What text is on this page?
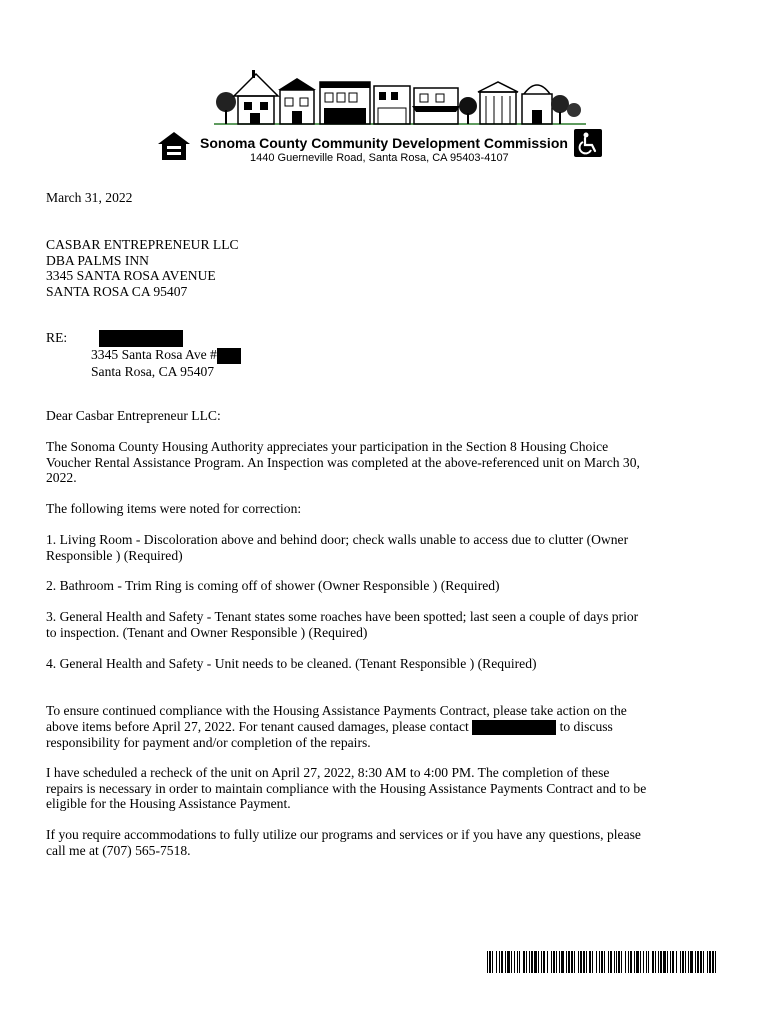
Sonoma County Community Development Commission
1440 Guerneville Road, Santa Rosa, CA 95403-4107
March 31, 2022
CASBAR ENTREPRENEUR LLC
DBA PALMS INN
3345 SANTA ROSA AVENUE
SANTA ROSA CA 95407
RE:
3345 Santa Rosa Ave #
Santa Rosa, CA 95407
Dear Casbar Entrepreneur LLC:
The Sonoma County Housing Authority appreciates your participation in the Section 8 Housing Choice
Voucher Rental Assistance Program. An Inspection was completed at the above-referenced unit on March 30,
2022.
The following items were noted for correction:
1. Living Room - Discoloration above and behind door; check walls unable to access due to clutter (Owner
Responsible ) (Required)
2. Bathroom - Trim Ring is coming off of shower (Owner Responsible ) (Required)
3. General Health and Safety - Tenant states some roaches have been spotted; last seen a couple of days prior
to inspection. (Tenant and Owner Responsible ) (Required)
4. General Health and Safety - Unit needs to be cleaned. (Tenant Responsible ) (Required)
To ensure continued compliance with the Housing Assistance Payments Contract, please take action on the
above items before April 27, 2022. For tenant caused damages, please contact	to discuss
responsibility for payment and/or completion of the repairs.
I have scheduled a recheck of the unit on April 27, 2022, 8:30 AM to 4:00 PM. The completion of these
repairs is necessary in order to maintain compliance with the Housing Assistance Payments Contract and to be
eligible for the Housing Assistance Payment.
If you require accommodations to fully utilize our programs and services or if you have any questions, please
call me at (707) 565-7518.
